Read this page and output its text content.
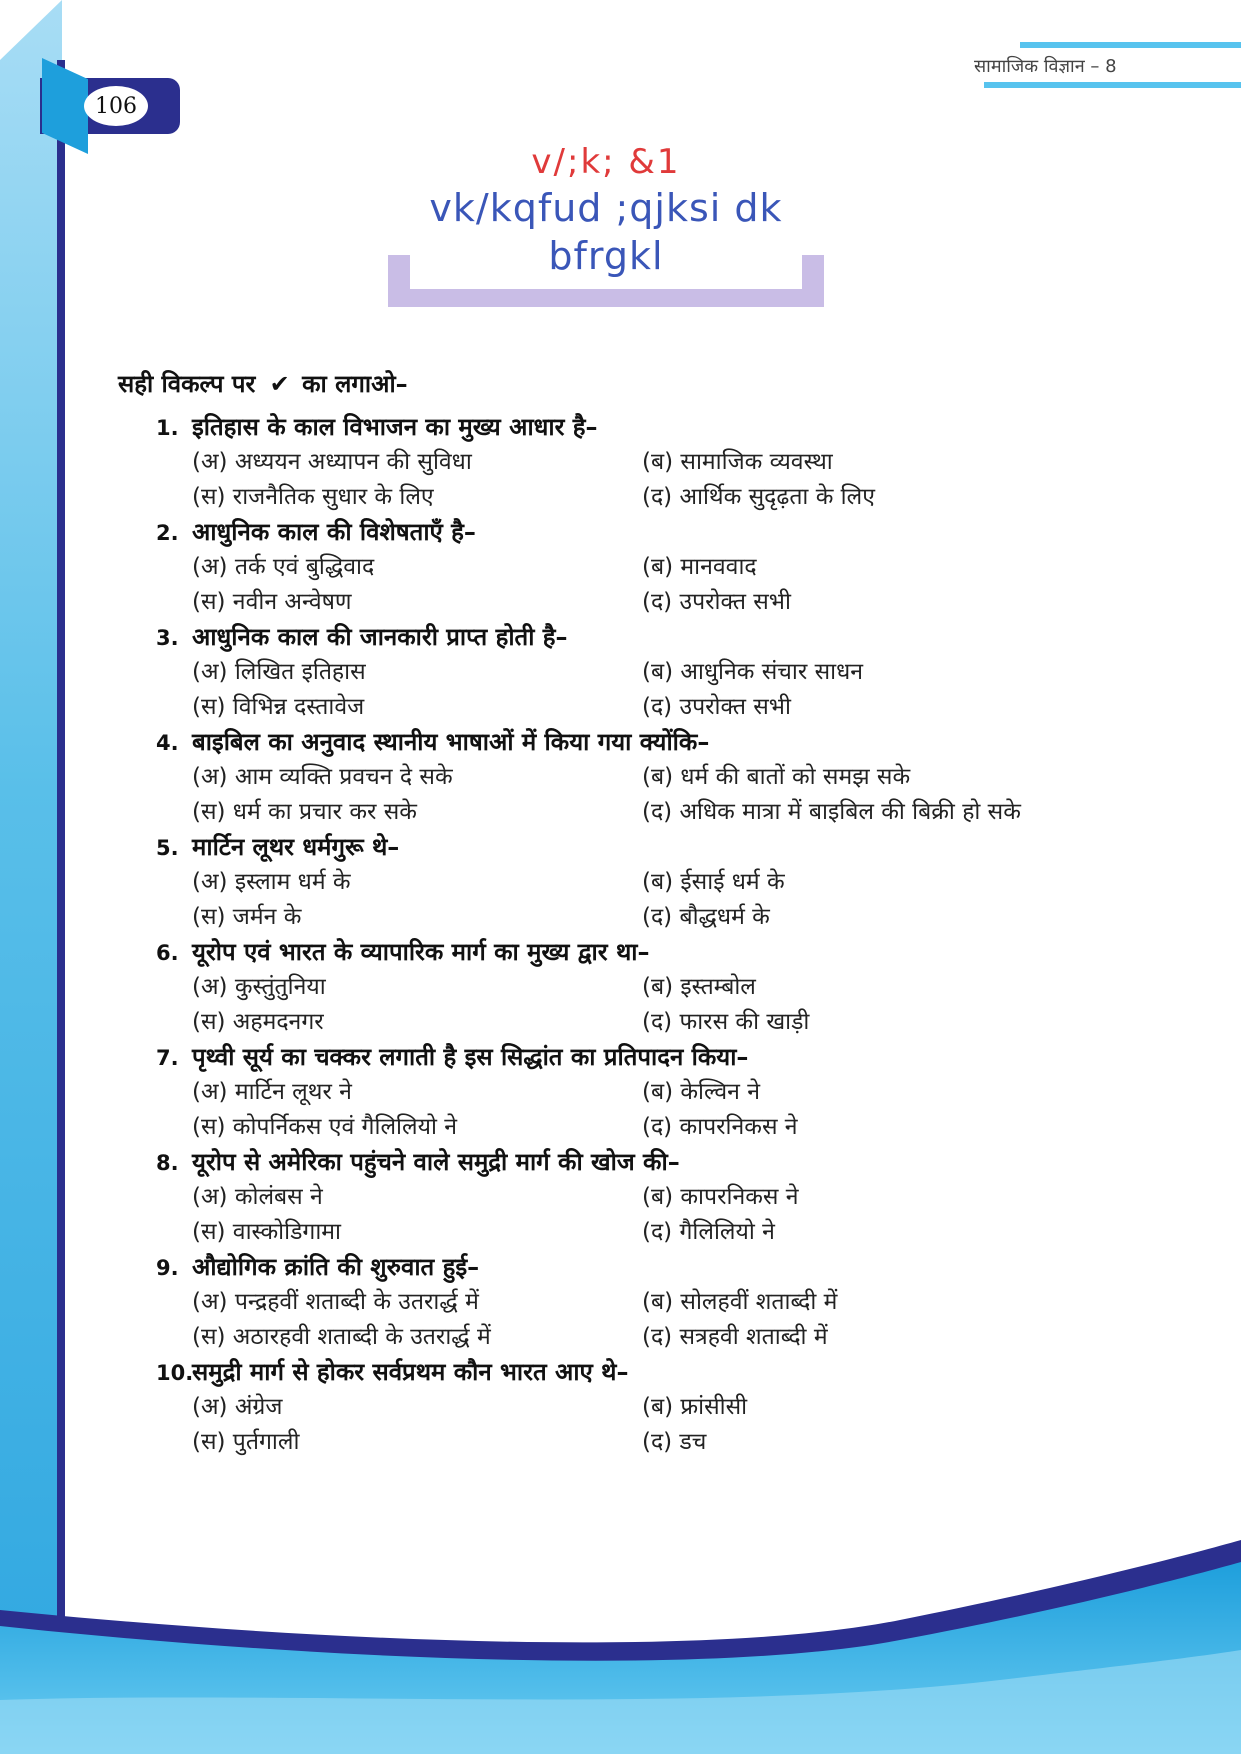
106
सामाजिक विज्ञान – 8
v/;k; &1
vk/kqfud ;qjksi dk
bfrgkl
सही विकल्प पर ✔ का लगाओ–
1. इतिहास के काल विभाजन का मुख्य आधार है–
(अ) अध्ययन अध्यापन की सुविधा	(ब) सामाजिक व्यवस्था
(स) राजनैतिक सुधार के लिए	(द) आर्थिक सुदृढ़ता के लिए
2. आधुनिक काल की विशेषताएँ है–
(अ) तर्क एवं बुद्धिवाद	(ब) मानववाद
(स) नवीन अन्वेषण	(द) उपरोक्त सभी
3. आधुनिक काल की जानकारी प्राप्त होती है–
(अ) लिखित इतिहास	(ब) आधुनिक संचार साधन
(स) विभिन्न दस्तावेज	(द) उपरोक्त सभी
4. बाइबिल का अनुवाद स्थानीय भाषाओं में किया गया क्योंकि–
(अ) आम व्यक्ति प्रवचन दे सके	(ब) धर्म की बातों को समझ सके
(स) धर्म का प्रचार कर सके	(द) अधिक मात्रा में बाइबिल की बिक्री हो सके
5. मार्टिन लूथर धर्मगुरू थे–
(अ) इस्लाम धर्म के	(ब) ईसाई धर्म के
(स) जर्मन के	(द) बौद्धधर्म के
6. यूरोप एवं भारत के व्यापारिक मार्ग का मुख्य द्वार था–
(अ) कुस्तुंतुनिया	(ब) इस्तम्बोल
(स) अहमदनगर	(द) फारस की खाड़ी
7. पृथ्वी सूर्य का चक्कर लगाती है इस सिद्धांत का प्रतिपादन किया–
(अ) मार्टिन लूथर ने	(ब) केल्विन ने
(स) कोपर्निकस एवं गैलिलियो ने	(द) कापरनिकस ने
8. यूरोप से अमेरिका पहुंचने वाले समुद्री मार्ग की खोज की–
(अ) कोलंबस ने	(ब) कापरनिकस ने
(स) वास्कोडिगामा	(द) गैलिलियो ने
9. औद्योगिक क्रांति की शुरुवात हुई–
(अ) पन्द्रहवीं शताब्दी के उतरार्द्ध में	(ब) सोलहवीं शताब्दी में
(स) अठारहवी शताब्दी के उतरार्द्ध में	(द) सत्रहवी शताब्दी में
10.समुद्री मार्ग से होकर सर्वप्रथम कौन भारत आए थे–
(अ) अंग्रेज	(ब) फ्रांसीसी
(स) पुर्तगाली	(द) डच
